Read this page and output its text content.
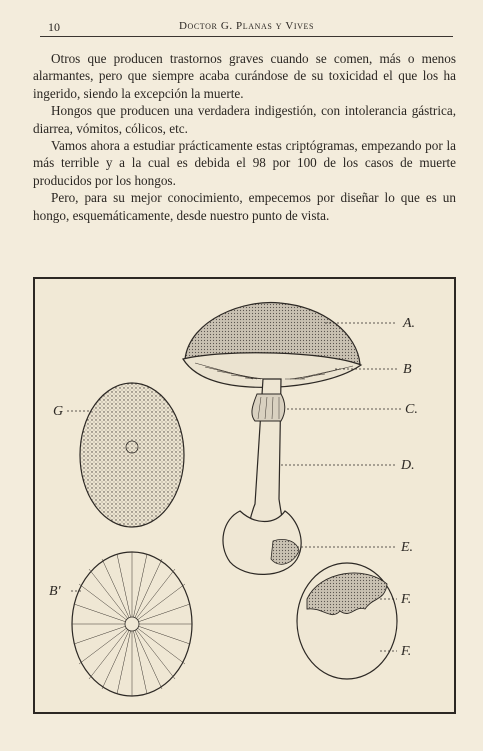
10	Doctor G. Planas y Vives

Otros que producen trastornos graves cuando se comen, más o menos alarmantes, pero que siempre acaba curándose de su toxicidad el que los ha ingerido, siendo la excepción la muerte.

Hongos que producen una verdadera indigestión, con intolerancia gástrica, diarrea, vómitos, cólicos, etc.

Vamos ahora a estudiar prácticamente estas criptógramas, empezando por la más terrible y a la cual es debida el 98 por 100 de los casos de muerte producidos por los hongos.

Pero, para su mejor conocimiento, empecemos por diseñar lo que es un hongo, esquemáticamente, desde nuestro punto de vista.

A.
B
C.
D.
E.
F.
F.
G
B'
